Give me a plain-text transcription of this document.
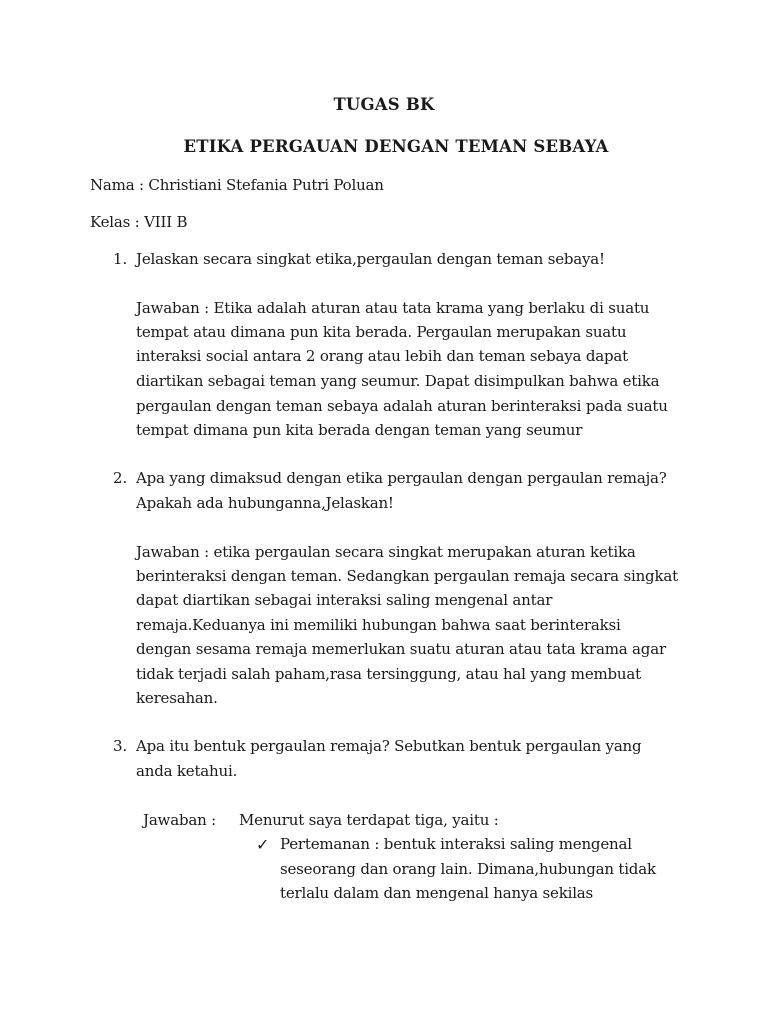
TUGAS BK
ETIKA PERGAUAN DENGAN TEMAN SEBAYA
Nama : Christiani Stefania Putri Poluan
Kelas : VIII B
1. Jelaskan secara singkat etika,pergaulan dengan teman sebaya!
Jawaban : Etika adalah aturan atau tata krama yang berlaku di suatu
tempat atau dimana pun kita berada. Pergaulan merupakan suatu
interaksi social antara 2 orang atau lebih dan teman sebaya dapat
diartikan sebagai teman yang seumur. Dapat disimpulkan bahwa etika
pergaulan dengan teman sebaya adalah aturan berinteraksi pada suatu
tempat dimana pun kita berada dengan teman yang seumur
2. Apa yang dimaksud dengan etika pergaulan dengan pergaulan remaja?
Apakah ada hubunganna,Jelaskan!
Jawaban : etika pergaulan secara singkat merupakan aturan ketika
berinteraksi dengan teman. Sedangkan pergaulan remaja secara singkat
dapat diartikan sebagai interaksi saling mengenal antar
remaja.Keduanya ini memiliki hubungan bahwa saat berinteraksi
dengan sesama remaja memerlukan suatu aturan atau tata krama agar
tidak terjadi salah paham,rasa tersinggung, atau hal yang membuat
keresahan.
3. Apa itu bentuk pergaulan remaja? Sebutkan bentuk pergaulan yang
anda ketahui.
Jawaban : Menurut saya terdapat tiga, yaitu :
✓ Pertemanan : bentuk interaksi saling mengenal
seseorang dan orang lain. Dimana,hubungan tidak
terlalu dalam dan mengenal hanya sekilas
